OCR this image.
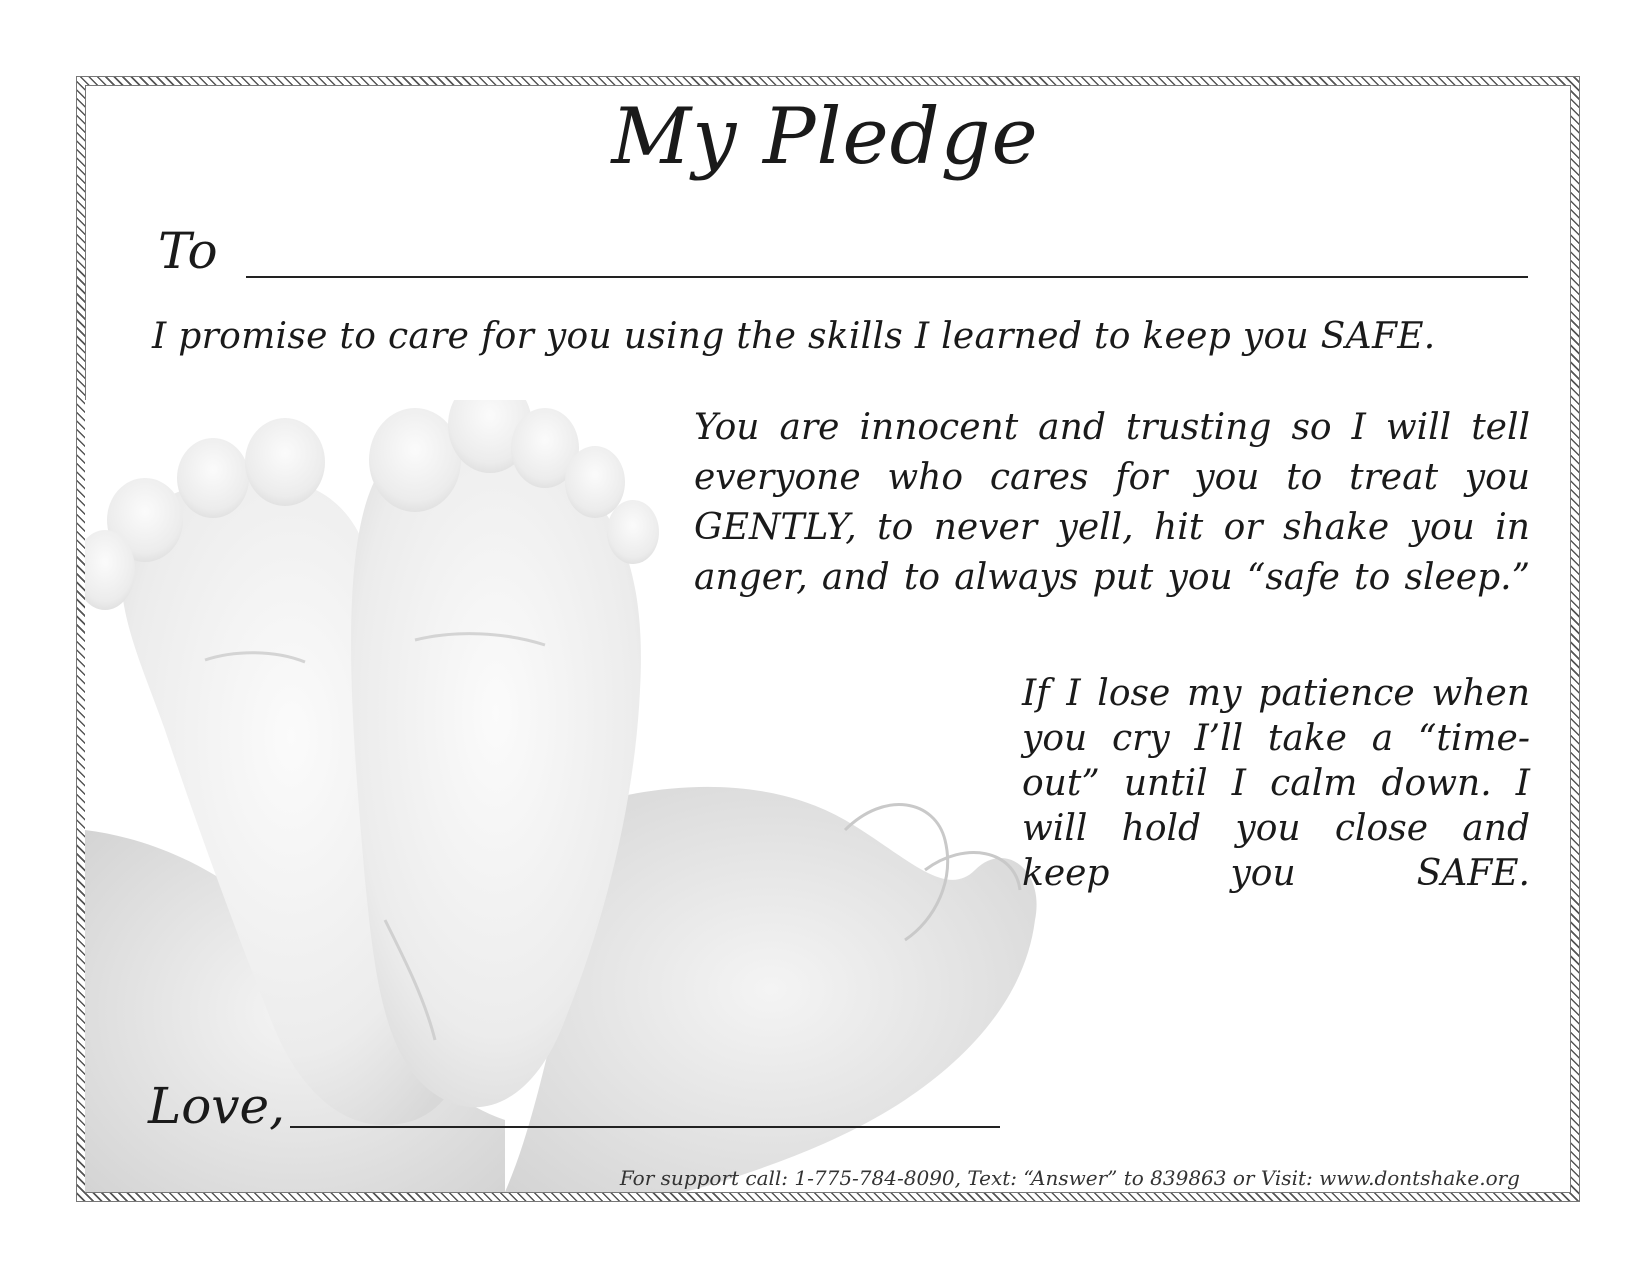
My Pledge
To
I promise to care for you using the skills I learned to keep you SAFE.
You are innocent and trusting so I will tell everyone who cares for you to treat you GENTLY, to never yell, hit or shake you in anger, and to always put you “safe to sleep.”
If I lose my patience when you cry I’ll take a “time-out” until I calm down. I will hold you close and keep you SAFE.
Love,
For support call: 1-775-784-8090, Text: “Answer” to 839863 or Visit: www.dontshake.org
